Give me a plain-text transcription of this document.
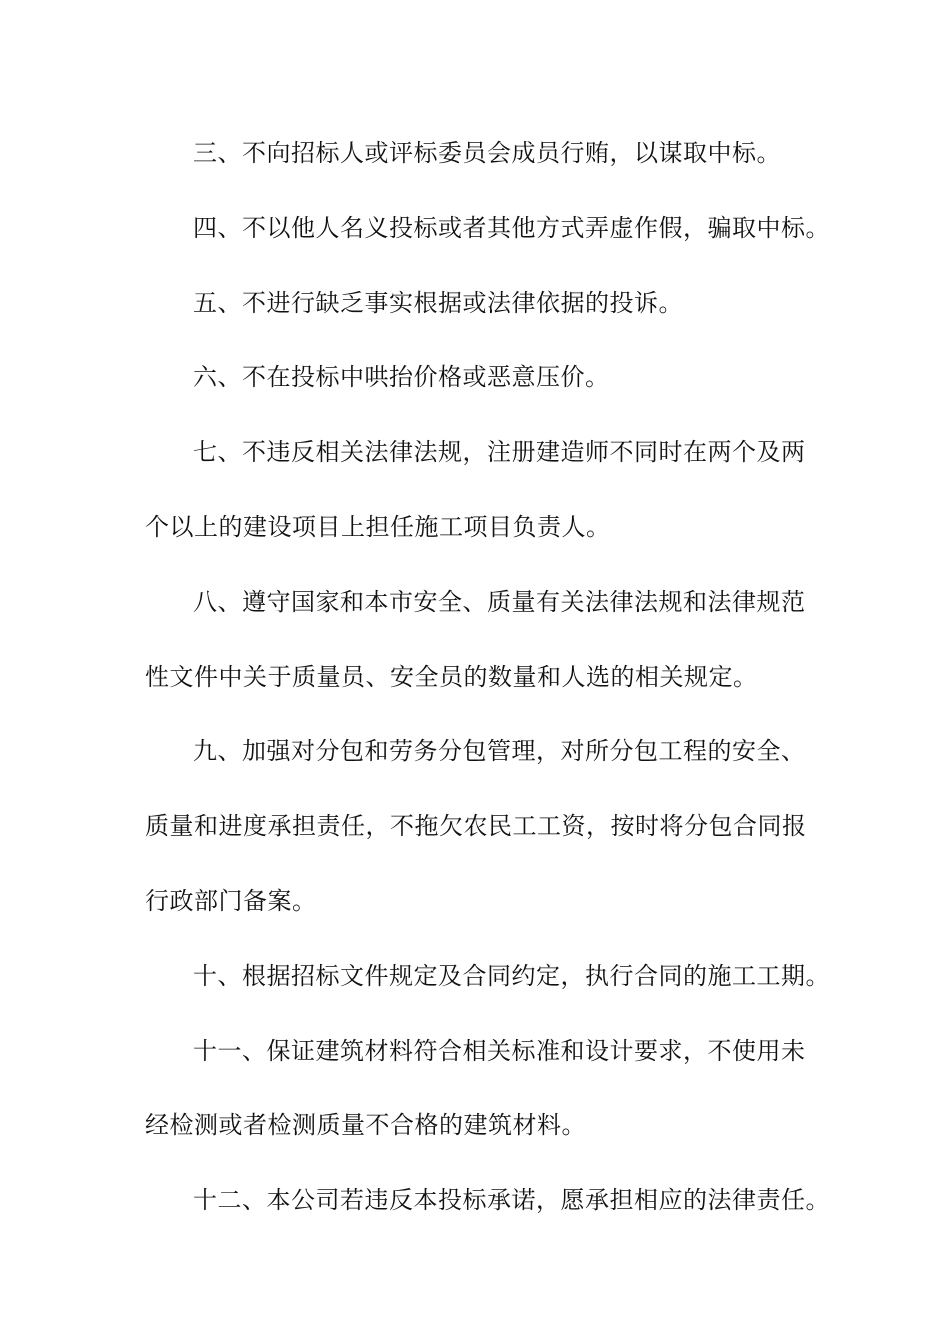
三、不向招标人或评标委员会成员行贿，以谋取中标。
四、不以他人名义投标或者其他方式弄虚作假，骗取中标。
五、不进行缺乏事实根据或法律依据的投诉。
六、不在投标中哄抬价格或恶意压价。
七、不违反相关法律法规，注册建造师不同时在两个及两
个以上的建设项目上担任施工项目负责人。
八、遵守国家和本市安全、质量有关法律法规和法律规范
性文件中关于质量员、安全员的数量和人选的相关规定。
九、加强对分包和劳务分包管理，对所分包工程的安全、
质量和进度承担责任，不拖欠农民工工资，按时将分包合同报
行政部门备案。
十、根据招标文件规定及合同约定，执行合同的施工工期。
十一、保证建筑材料符合相关标准和设计要求，不使用未
经检测或者检测质量不合格的建筑材料。
十二、本公司若违反本投标承诺，愿承担相应的法律责任。
